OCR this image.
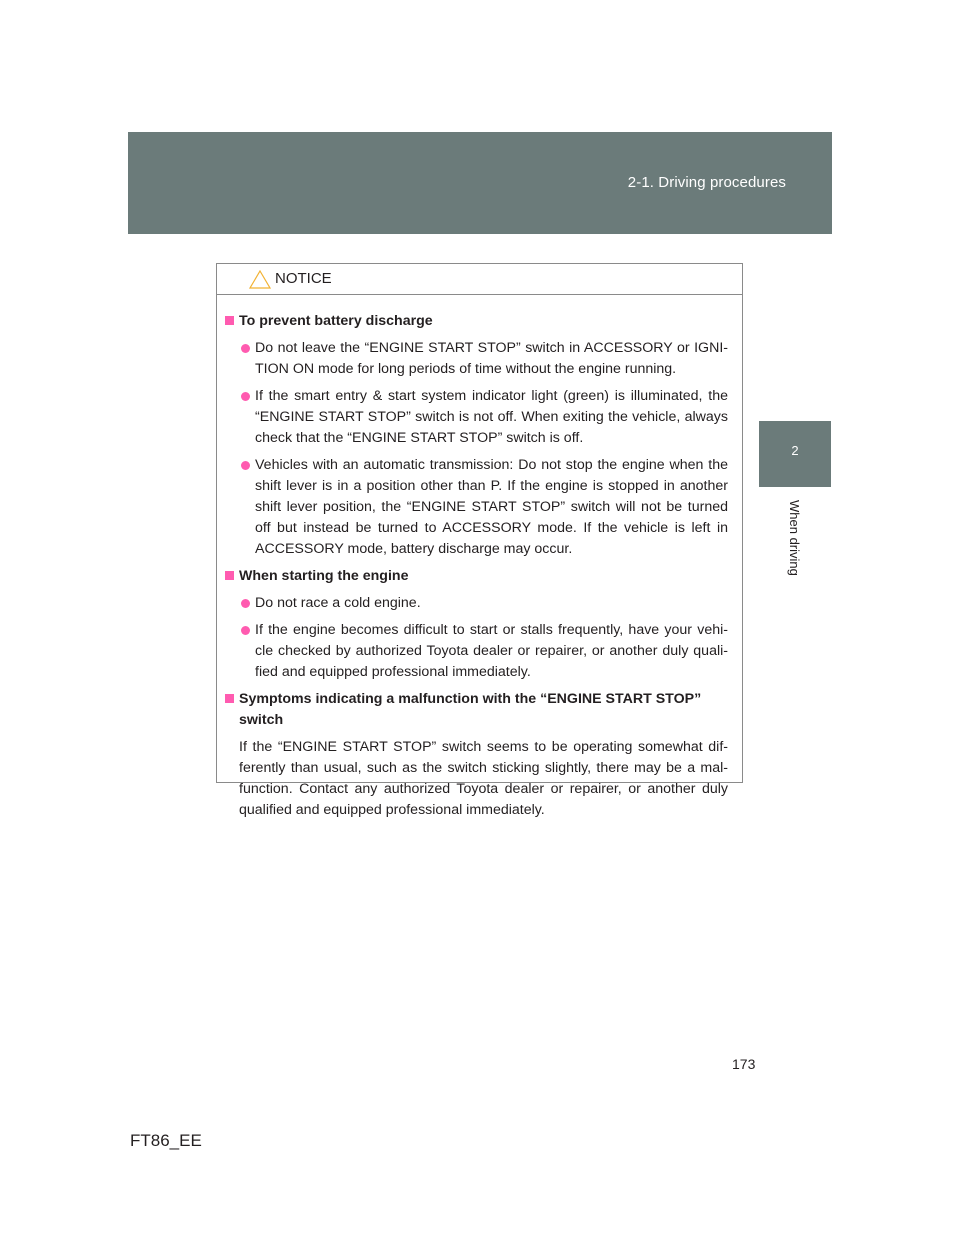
2-1. Driving procedures
2
When driving
NOTICE
To prevent battery discharge
Do not leave the “ENGINE START STOP” switch in ACCESSORY or IGNI-TION ON mode for long periods of time without the engine running.
If the smart entry & start system indicator light (green) is illuminated, the “ENGINE START STOP” switch is not off. When exiting the vehicle, always check that the “ENGINE START STOP” switch is off.
Vehicles with an automatic transmission: Do not stop the engine when the shift lever is in a position other than P. If the engine is stopped in another shift lever position, the “ENGINE START STOP” switch will not be turned off but instead be turned to ACCESSORY mode. If the vehicle is left in ACCESSORY mode, battery discharge may occur.
When starting the engine
Do not race a cold engine.
If the engine becomes difficult to start or stalls frequently, have your vehi-cle checked by authorized Toyota dealer or repairer, or another duly quali-fied and equipped professional immediately.
Symptoms indicating a malfunction with the “ENGINE START STOP” switch
If the “ENGINE START STOP” switch seems to be operating somewhat dif-ferently than usual, such as the switch sticking slightly, there may be a mal-function. Contact any authorized Toyota dealer or repairer, or another duly qualified and equipped professional immediately.
173
FT86_EE
